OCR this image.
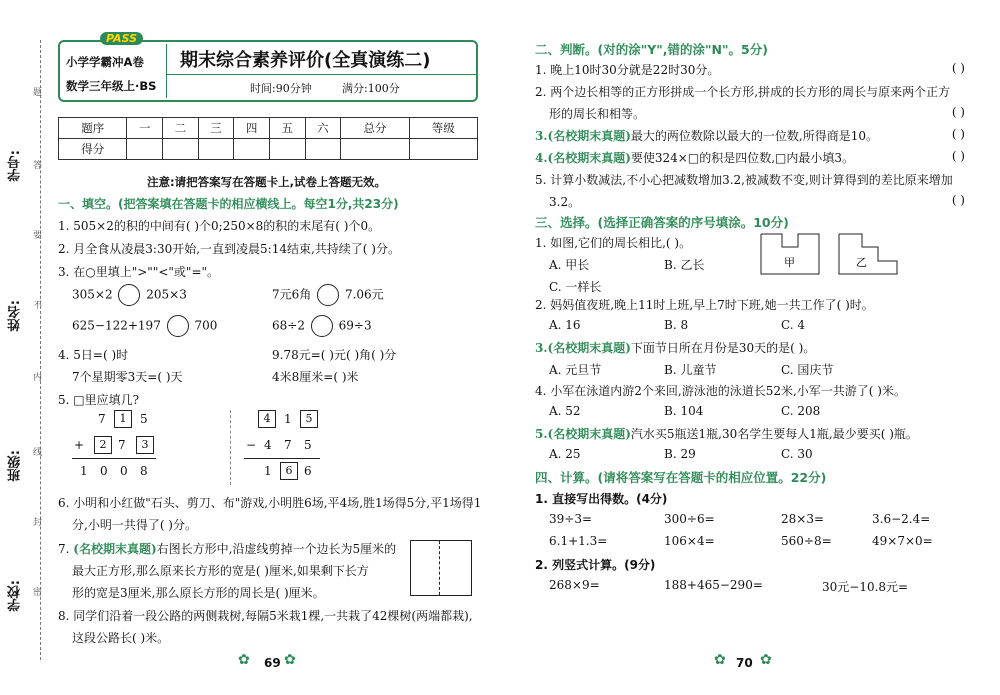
学校:
班级:
姓名:
学号:
题
答
要
不
内
线
封
密
PASS
小学学霸冲A卷
数学三年级上·BS
期末综合素养评价(全真演练二)
时间:90分钟	满分:100分
题序	一	二	三	四	五	六	总分	等级
得分								
注意:请把答案写在答题卡上,试卷上答题无效。
一、填空。(把答案填在答题卡的相应横线上。每空1分,共23分)
1. 505×2的积的中间有( )个0;250×8的积的末尾有( )个0。
2. 月全食从凌晨3:30开始,一直到凌晨5:14结束,共持续了( )分。
3. 在○里填上">""<"或"="。
305×2	205×3	7元6角	7.06元
625−122+197	700	68÷2	69÷3
4. 5日=( )时	9.78元=( )元( )角( )分
7个星期零3天=( )天	4米8厘米=( )米
5. □里应填几?
7	1	5
+	2 7	3
1 0 0 8
4	1	5
− 4 7 5
1	6 6
6. 小明和小红做"石头、剪刀、布"游戏,小明胜6场,平4场,胜1场得5分,平1场得1
分,小明一共得了( )分。
7. (名校期末真题)右图长方形中,沿虚线剪掉一个边长为5厘米的
最大正方形,那么原来长方形的宽是( )厘米,如果剩下长方
形的宽是3厘米,那么原长方形的周长是( )厘米。
8. 同学们沿着一段公路的两侧栽树,每隔5米栽1棵,一共栽了42棵树(两端都栽),
这段公路长( )米。
✿ 69 ✿
二、判断。(对的涂"Y",错的涂"N"。5分)
1. 晚上10时30分就是22时30分。	( )
2. 两个边长相等的正方形拼成一个长方形,拼成的长方形的周长与原来两个正方
形的周长和相等。	( )
3.(名校期末真题)最大的两位数除以最大的一位数,所得商是10。	( )
4.(名校期末真题)要使324×□的积是四位数,□内最小填3。	( )
5. 计算小数减法,不小心把减数增加3.2,被减数不变,则计算得到的差比原来增加
3.2。	( )
三、选择。(选择正确答案的序号填涂。10分)
1. 如图,它们的周长相比,( )。
A. 甲长	B. 乙长
C. 一样长
甲	乙
2. 妈妈值夜班,晚上11时上班,早上7时下班,她一共工作了( )时。
A. 16	B. 8	C. 4
3.(名校期末真题)下面节日所在月份是30天的是( )。
A. 元旦节	B. 儿童节	C. 国庆节
4. 小军在泳道内游2个来回,游泳池的泳道长52米,小军一共游了( )米。
A. 52	B. 104	C. 208
5.(名校期末真题)汽水买5瓶送1瓶,30名学生要每人1瓶,最少要买( )瓶。
A. 25	B. 29	C. 30
四、计算。(请将答案写在答题卡的相应位置。22分)
1. 直接写出得数。(4分)
39÷3=	300÷6=	28×3=	3.6−2.4=
6.1+1.3=	106×4=	560÷8=	49×7×0=
2. 列竖式计算。(9分)
268×9=	188+465−290=	30元−10.8元=
✿ 70 ✿
